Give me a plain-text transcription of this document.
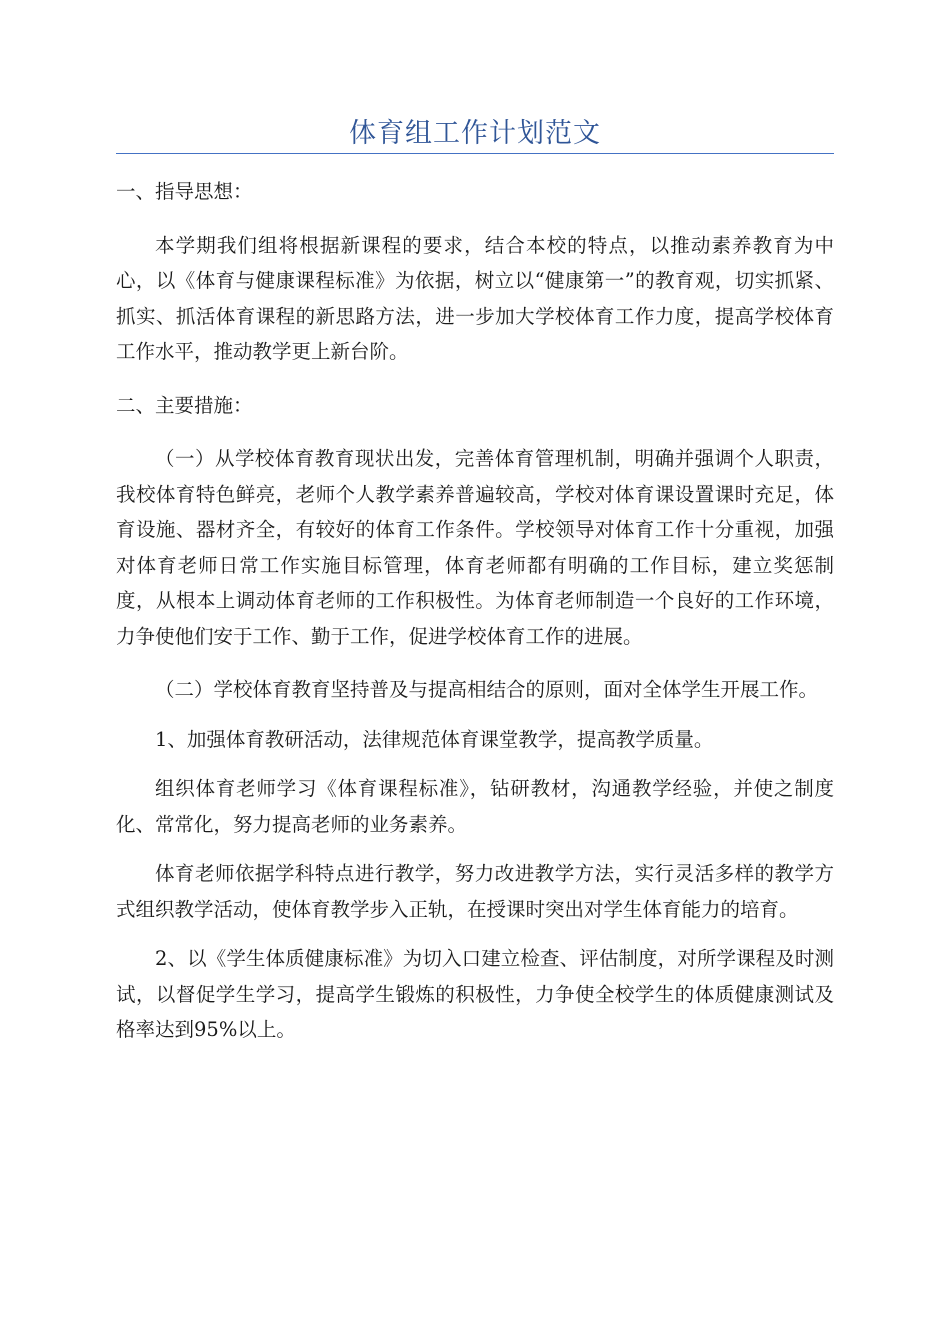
体育组工作计划范文

一、指导思想：

本学期我们组将根据新课程的要求，结合本校的特点，以推动素养教育为中心，以《体育与健康课程标准》为依据，树立以“健康第一”的教育观，切实抓紧、抓实、抓活体育课程的新思路方法，进一步加大学校体育工作力度，提高学校体育工作水平，推动教学更上新台阶。

二、主要措施：

（一）从学校体育教育现状出发，完善体育管理机制，明确并强调个人职责，我校体育特色鲜亮，老师个人教学素养普遍较高，学校对体育课设置课时充足，体育设施、器材齐全，有较好的体育工作条件。学校领导对体育工作十分重视，加强对体育老师日常工作实施目标管理，体育老师都有明确的工作目标，建立奖惩制度，从根本上调动体育老师的工作积极性。为体育老师制造一个良好的工作环境，力争使他们安于工作、勤于工作，促进学校体育工作的进展。

（二）学校体育教育坚持普及与提高相结合的原则，面对全体学生开展工作。

1、加强体育教研活动，法律规范体育课堂教学，提高教学质量。

组织体育老师学习《体育课程标准》，钻研教材，沟通教学经验，并使之制度化、常常化，努力提高老师的业务素养。

体育老师依据学科特点进行教学，努力改进教学方法，实行灵活多样的教学方式组织教学活动，使体育教学步入正轨，在授课时突出对学生体育能力的培育。

2、以《学生体质健康标准》为切入口建立检查、评估制度，对所学课程及时测试，以督促学生学习，提高学生锻炼的积极性，力争使全校学生的体质健康测试及格率达到95%以上。
